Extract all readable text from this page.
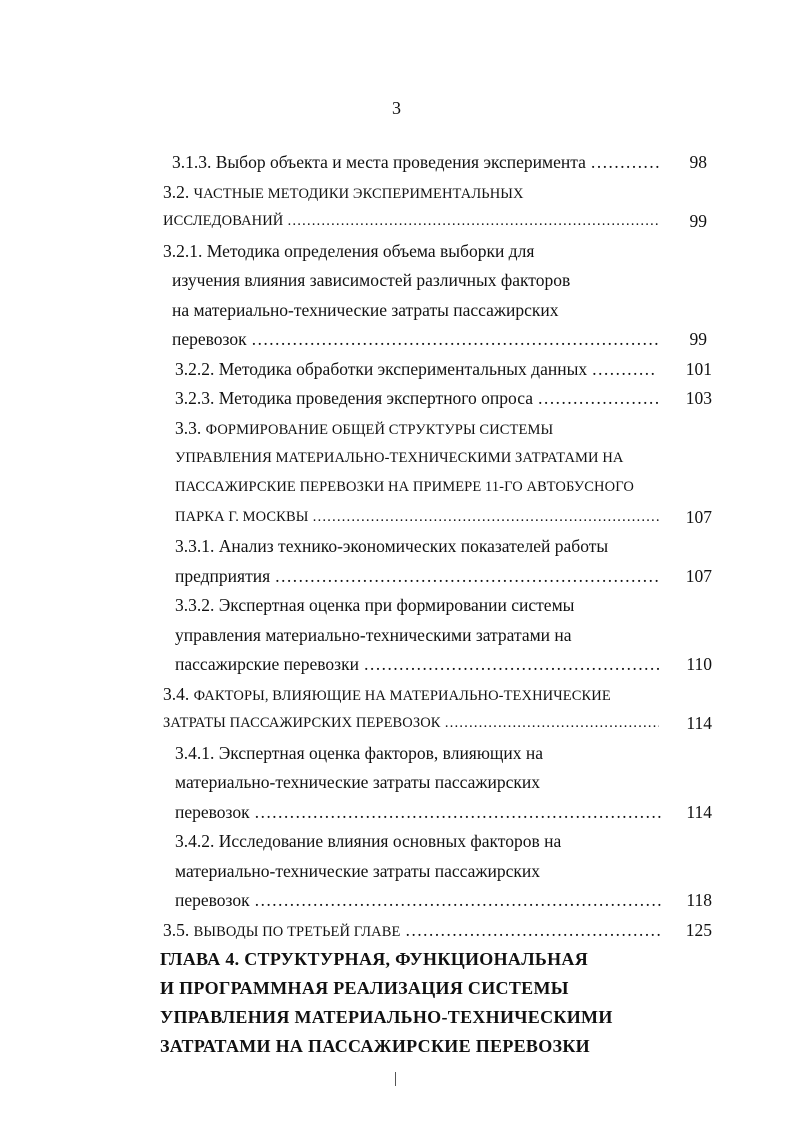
3
3.1.3. Выбор объекта и места проведения эксперимента ……………………………………………………………………………………………………………………………………………………	98
3.2. ЧАСТНЫЕ МЕТОДИКИ ЭКСПЕРИМЕНТАЛЬНЫХ
ИССЛЕДОВАНИЙ ……………………………………………………………………………………………………………………………………………………	99
3.2.1. Методика определения объема выборки для
изучения влияния зависимостей различных факторов
на материально-технические затраты пассажирских
перевозок ……………………………………………………………………………………………………………………………………………………	99
3.2.2. Методика обработки экспериментальных данных ……………………………………………………………………………………………………………………………………………………	101
3.2.3. Методика проведения экспертного опроса ……………………………………………………………………………………………………………………………………………………	103
3.3. ФОРМИРОВАНИЕ ОБЩЕЙ СТРУКТУРЫ СИСТЕМЫ
УПРАВЛЕНИЯ МАТЕРИАЛЬНО-ТЕХНИЧЕСКИМИ ЗАТРАТАМИ НА
ПАССАЖИРСКИЕ ПЕРЕВОЗКИ НА ПРИМЕРЕ 11-ГО АВТОБУСНОГО
ПАРКА Г. МОСКВЫ ……………………………………………………………………………………………………………………………………………………	107
3.3.1. Анализ технико-экономических показателей работы
предприятия ……………………………………………………………………………………………………………………………………………………	107
3.3.2. Экспертная оценка при формировании системы
управления материально-техническими затратами на
пассажирские перевозки ……………………………………………………………………………………………………………………………………………………	110
3.4. ФАКТОРЫ, ВЛИЯЮЩИЕ НА МАТЕРИАЛЬНО-ТЕХНИЧЕСКИЕ
ЗАТРАТЫ ПАССАЖИРСКИХ ПЕРЕВОЗОК ……………………………………………………………………………………………………………………………………………………	114
3.4.1. Экспертная оценка факторов, влияющих на
материально-технические затраты пассажирских
перевозок ……………………………………………………………………………………………………………………………………………………	114
3.4.2. Исследование влияния основных факторов на
материально-технические затраты пассажирских
перевозок ……………………………………………………………………………………………………………………………………………………	118
3.5. ВЫВОДЫ ПО ТРЕТЬЕЙ ГЛАВЕ ……………………………………………………………………………………………………………………………………………………	125
ГЛАВА 4. СТРУКТУРНАЯ, ФУНКЦИОНАЛЬНАЯ
И ПРОГРАММНАЯ РЕАЛИЗАЦИЯ СИСТЕМЫ
УПРАВЛЕНИЯ МАТЕРИАЛЬНО-ТЕХНИЧЕСКИМИ
ЗАТРАТАМИ НА ПАССАЖИРСКИЕ ПЕРЕВОЗКИ
